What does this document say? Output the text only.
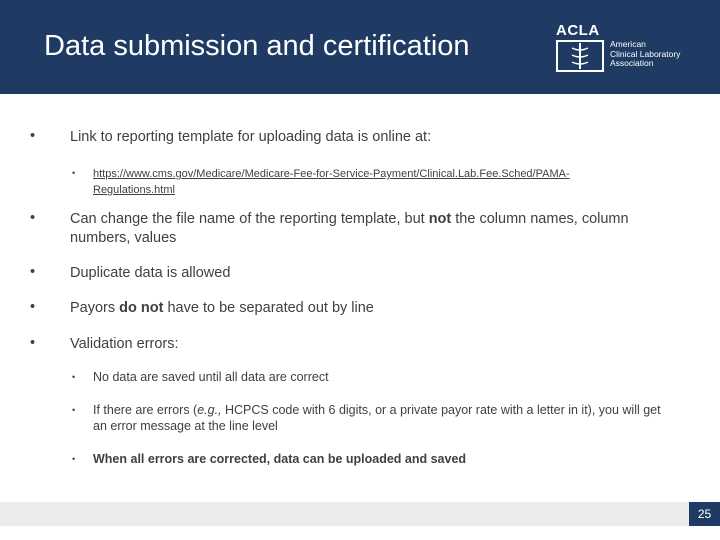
Data submission and certification	ACLA
American
Clinical Laboratory
Association
• Link to reporting template for uploading data is online at:
• https://www.cms.gov/Medicare/Medicare-Fee-for-Service-Payment/Clinical.Lab.Fee.Sched/PAMA-Regulations.html
• Can change the file name of the reporting template, but not the column names, column numbers, values
• Duplicate data is allowed
• Payors do not have to be separated out by line
• Validation errors:
• No data are saved until all data are correct
• If there are errors (e.g., HCPCS code with 6 digits, or a private payor rate with a letter in it), you will get an error message at the line level
• When all errors are corrected, data can be uploaded and saved
25
